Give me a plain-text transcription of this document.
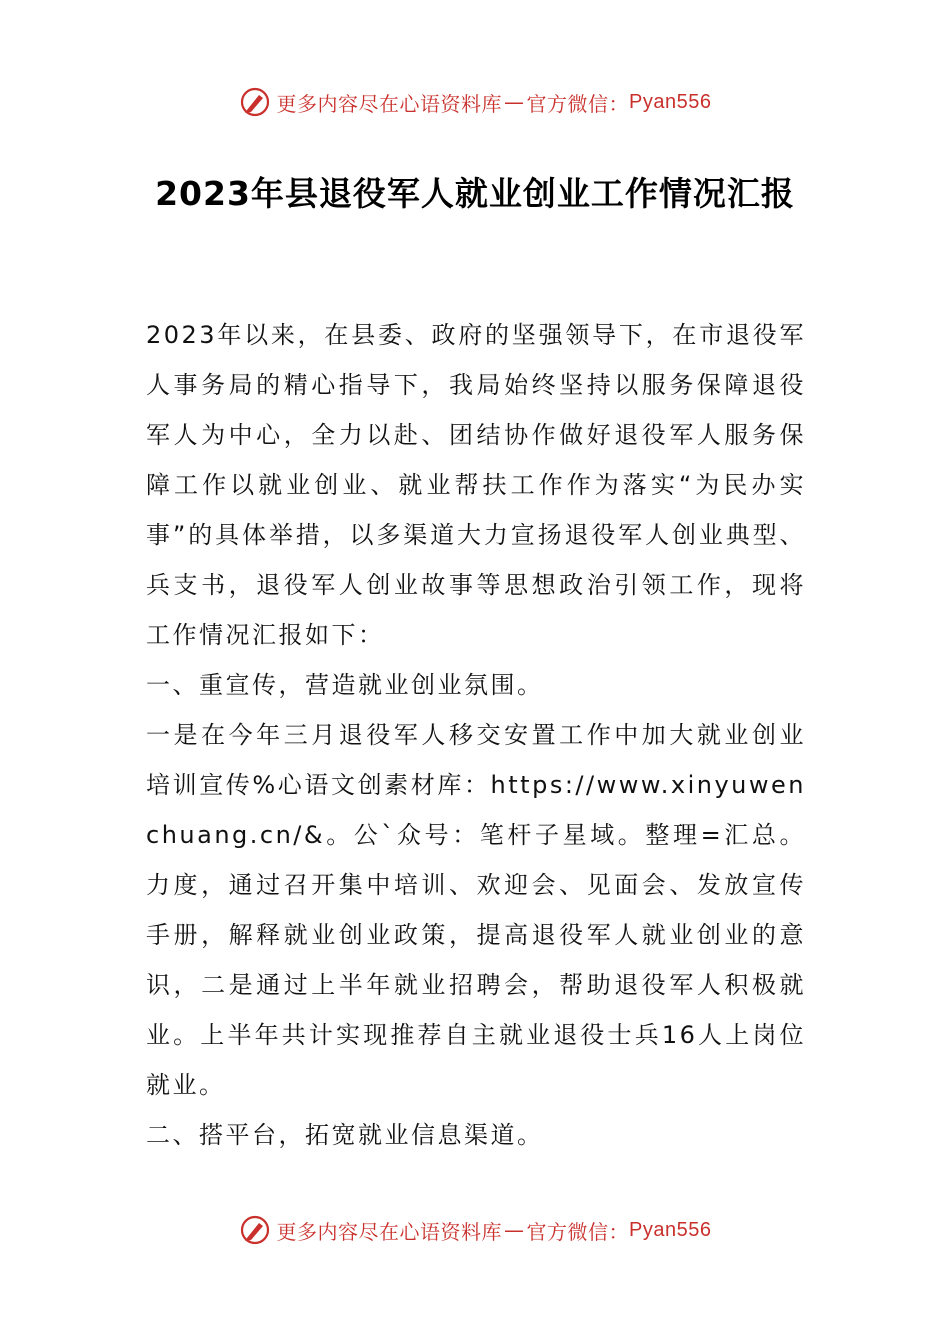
更多内容尽在心语资料库 — 官方微信： Pyan556
2023年县退役军人就业创业工作情况汇报

2023年以来，在县委、政府的坚强领导下，在市退役军人事务局的精心指导下，我局始终坚持以服务保障退役军人为中心，全力以赴、团结协作做好退役军人服务保障工作以就业创业、就业帮扶工作作为落实“为民办实事”的具体举措，以多渠道大力宣扬退役军人创业典型、兵支书，退役军人创业故事等思想政治引领工作，现将工作情况汇报如下：

一、重宣传，营造就业创业氛围。

一是在今年三月退役军人移交安置工作中加大就业创业培训宣传%心语文创素材库：https://www.xinyuwenchuang.cn/&。公`众号：笔杆子星域。整理=汇总。力度，通过召开集中培训、欢迎会、见面会、发放宣传手册，解释就业创业政策，提高退役军人就业创业的意识，二是通过上半年就业招聘会，帮助退役军人积极就业。上半年共计实现推荐自主就业退役士兵16人上岗位就业。

二、搭平台，拓宽就业信息渠道。

更多内容尽在心语资料库 — 官方微信： Pyan556
